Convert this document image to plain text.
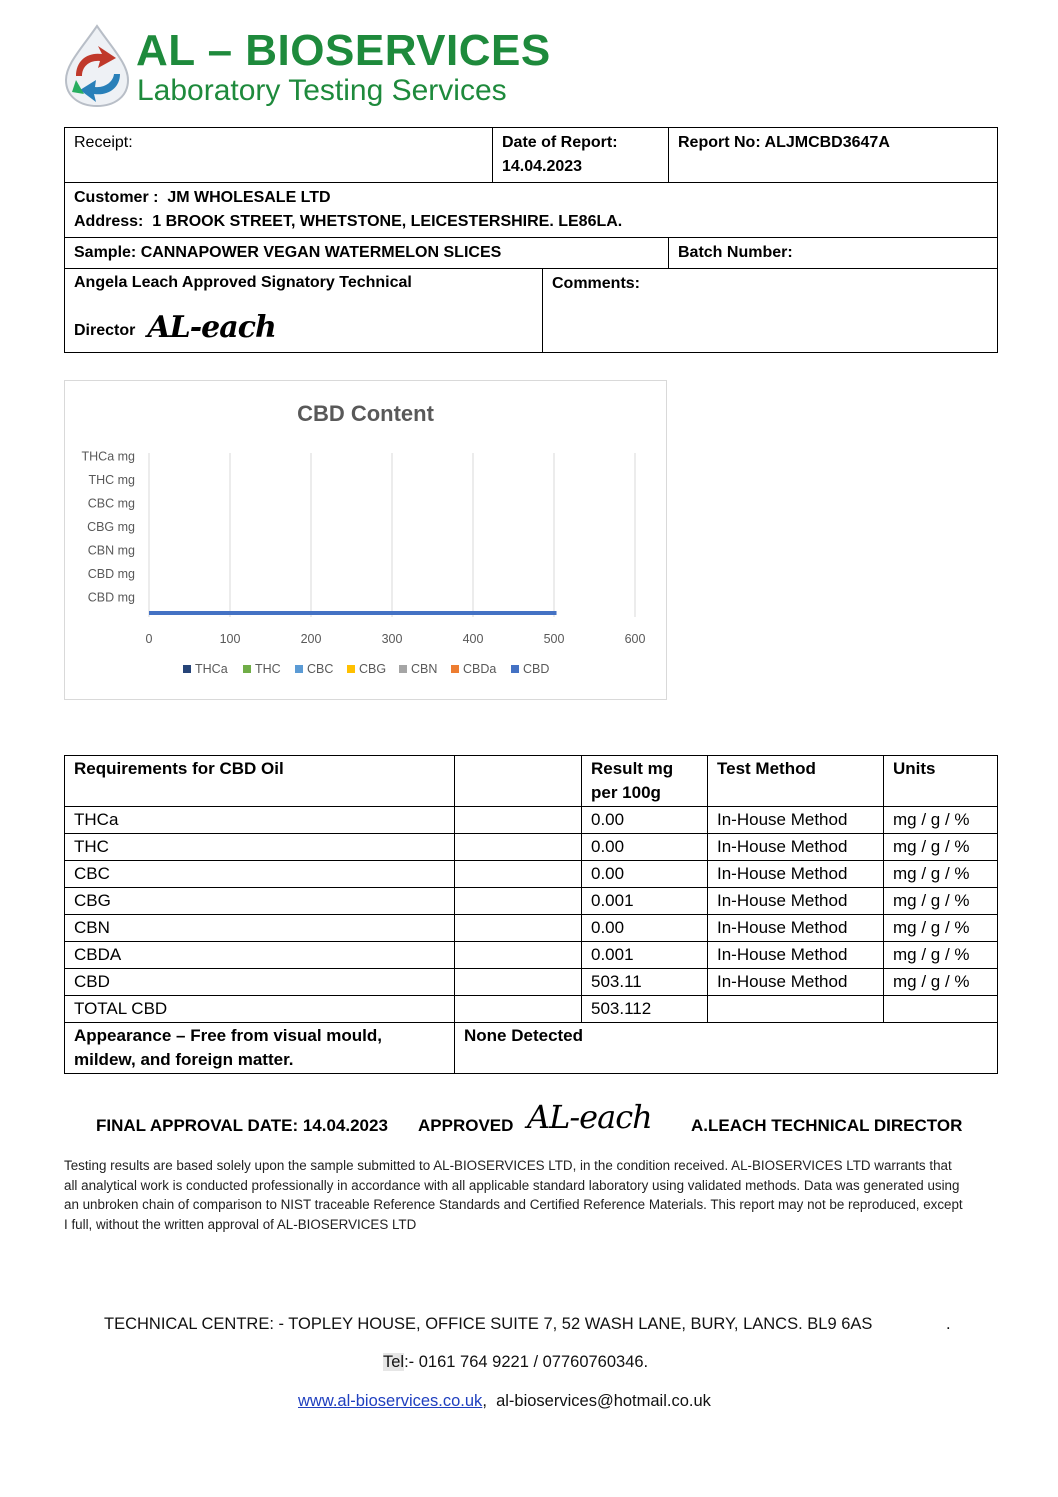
AL – BIOSERVICES
Laboratory Testing Services
Receipt:	Date of Report:
14.04.2023		Report No: ALJMCBD3647A

Customer : JM WHOLESALE LTD
Address: 1 BROOK STREET, WHETSTONE, LEICESTERSHIRE. LE86LA.			

Sample: CANNAPOWER VEGAN WATERMELON SLICES			Batch Number:

Angela Leach Approved Signatory Technical
Director AL-each		Comments:	
CBD Content
0	100	200	300	400	500	600
CBD mg
CBD mg
CBN mg
CBG mg
CBC mg
THC mg
THCa mg
THCa THC CBC CBG CBN CBDa CBD
Requirements for CBD Oil		Result mg per 100g	Test Method	Units
THCa		0.00	In-House Method	mg / g / %
THC		0.00	In-House Method	mg / g / %
CBC		0.00	In-House Method	mg / g / %
CBG		0.001	In-House Method	mg / g / %
CBN		0.00	In-House Method	mg / g / %
CBDA		0.001	In-House Method	mg / g / %
CBD		503.11	In-House Method	mg / g / %
TOTAL CBD		503.112		
Appearance – Free from visual mould, mildew, and foreign matter.	None Detected			
FINAL APPROVAL DATE: 14.04.2023 APPROVED AL-each A.LEACH TECHNICAL DIRECTOR
Testing results are based solely upon the sample submitted to AL-BIOSERVICES LTD, in the condition received. AL-BIOSERVICES LTD warrants that all analytical work is conducted professionally in accordance with all applicable standard laboratory using validated methods. Data was generated using an unbroken chain of comparison to NIST traceable Reference Standards and Certified Reference Materials. This report may not be reproduced, except I full, without the written approval of AL-BIOSERVICES LTD
TECHNICAL CENTRE: - TOPLEY HOUSE, OFFICE SUITE 7, 52 WASH LANE, BURY, LANCS. BL9 6AS	.
Tel:- 0161 764 9221 / 07760760346.
www.al-bioservices.co.uk, al-bioservices@hotmail.co.uk
